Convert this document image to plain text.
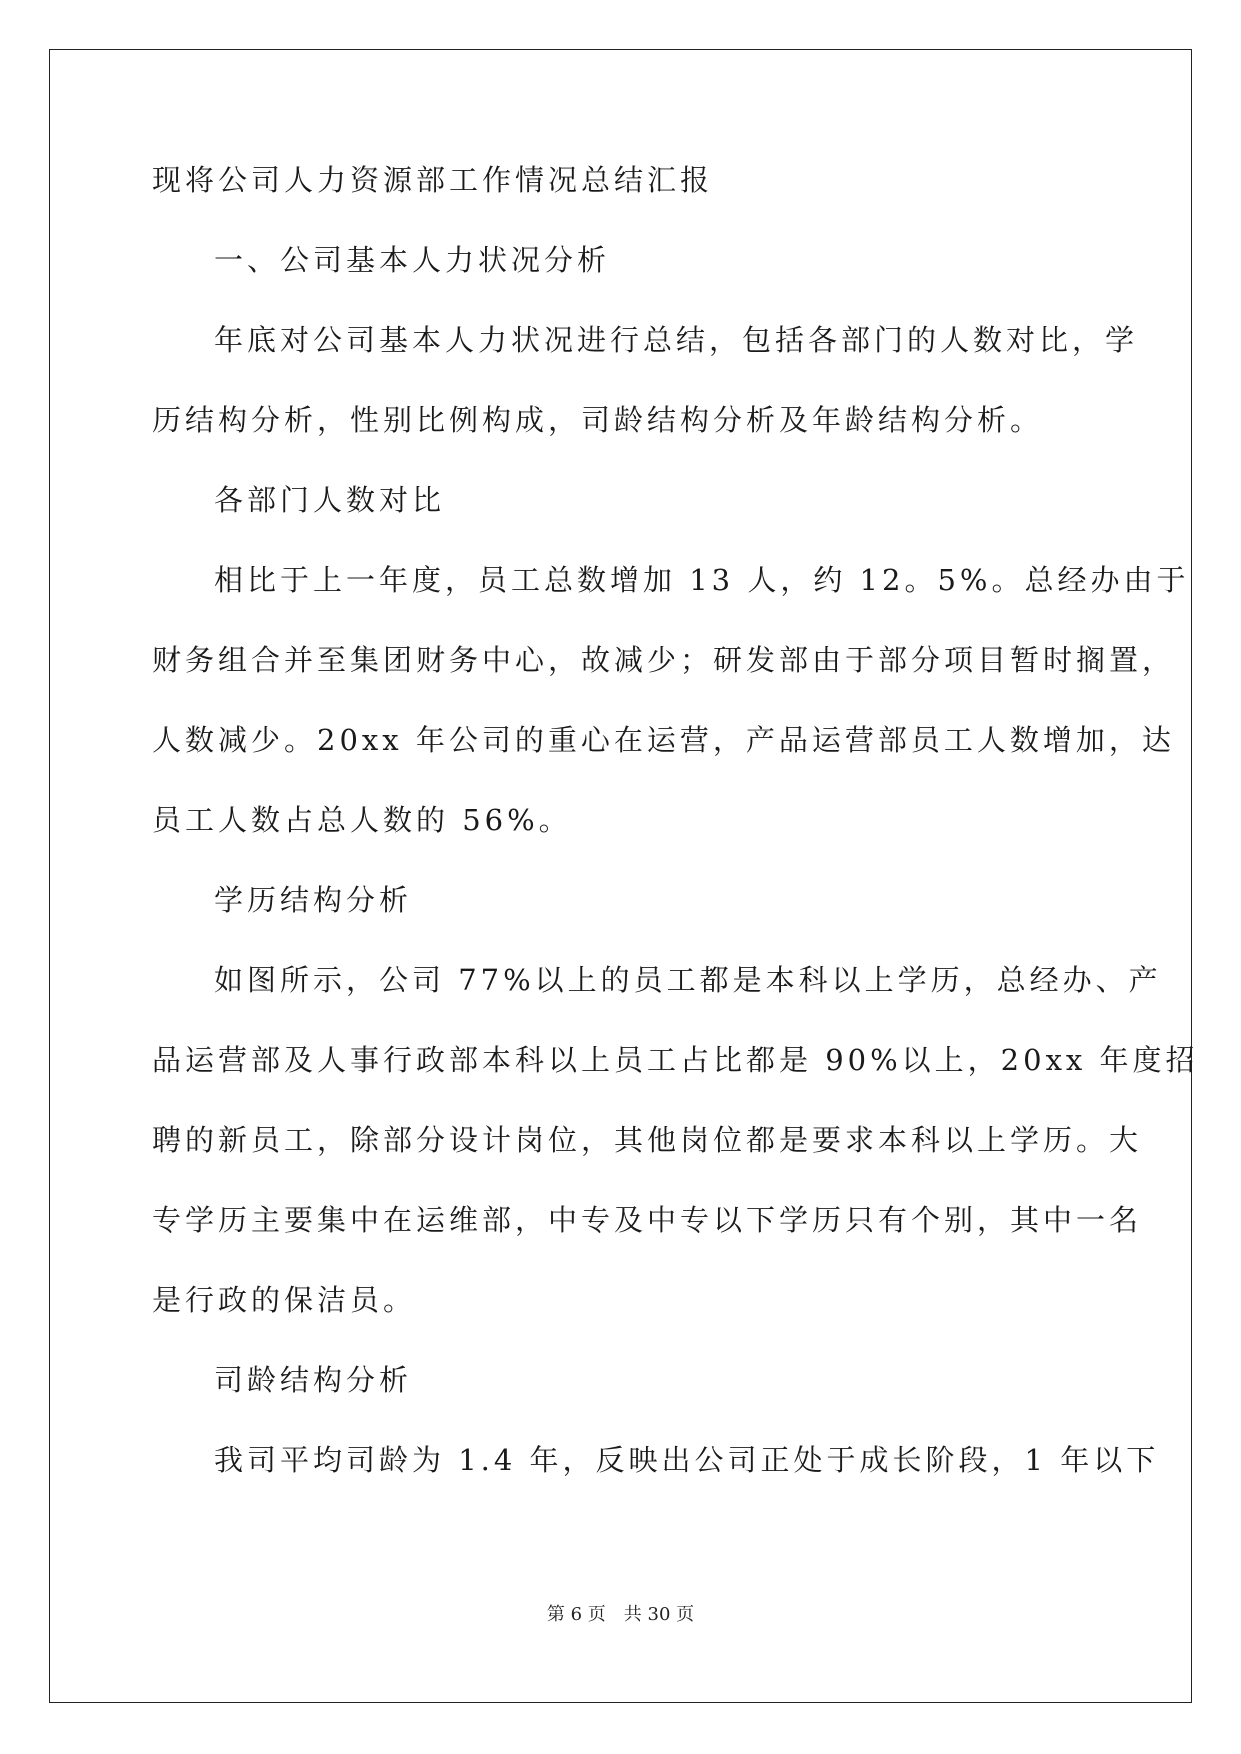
现将公司人力资源部工作情况总结汇报
一、公司基本人力状况分析
年底对公司基本人力状况进行总结，包括各部门的人数对比，学
历结构分析，性别比例构成，司龄结构分析及年龄结构分析。
各部门人数对比
相比于上一年度，员工总数增加 13 人，约 12。5%。总经办由于
财务组合并至集团财务中心，故减少；研发部由于部分项目暂时搁置，
人数减少。20xx 年公司的重心在运营，产品运营部员工人数增加，达
员工人数占总人数的 56%。
学历结构分析
如图所示，公司 77%以上的员工都是本科以上学历，总经办、产
品运营部及人事行政部本科以上员工占比都是 90%以上，20xx 年度招
聘的新员工，除部分设计岗位，其他岗位都是要求本科以上学历。大
专学历主要集中在运维部，中专及中专以下学历只有个别，其中一名
是行政的保洁员。
司龄结构分析
我司平均司龄为 1.4 年，反映出公司正处于成长阶段，1 年以下
第 6 页 共 30 页
